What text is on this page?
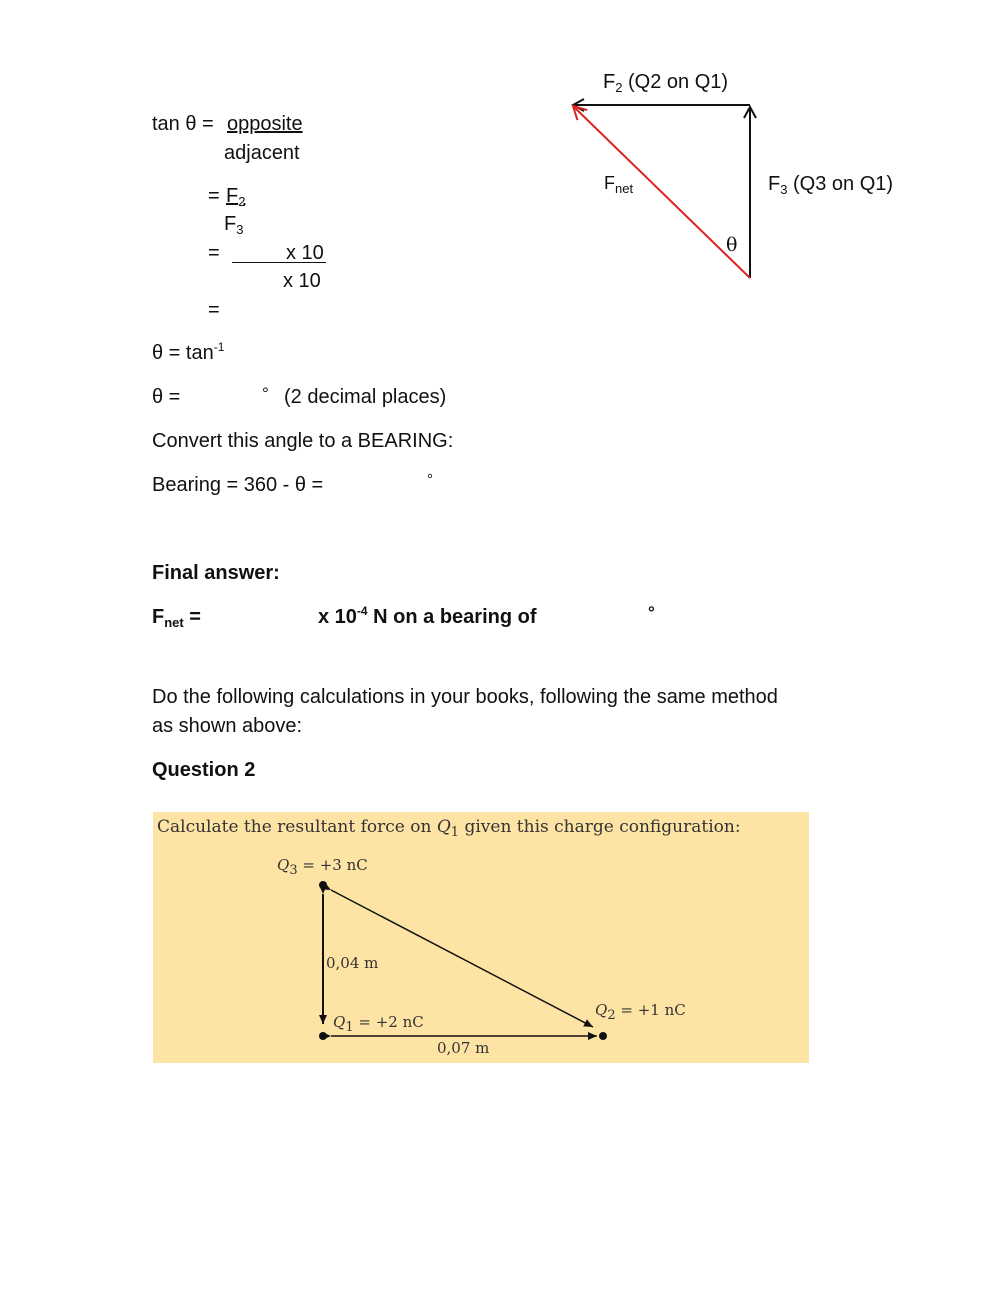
tan θ = opposite
adjacent
= $F_2$
$F_3$
=	x 10
x 10
=
$\theta = \tan^{-1}$
θ =	° (2 decimal places)
Convert this angle to a BEARING:
Bearing = 360 - θ =	°
Final answer:
$F_{net}$ =	x $10^{-4}$ N on a bearing of	°
Do the following calculations in your books, following the same method
as shown above:
Question 2
$F_2$ (Q2 on Q1)
$F_{net}$	$F_3$ (Q3 on Q1)
θ
Calculate the resultant force on $Q_1$ given this charge configuration:
$Q_3 = +3$ nC
0,04 m
$Q_1 = +2$ nC
$Q_2 = +1$ nC
0,07 m
